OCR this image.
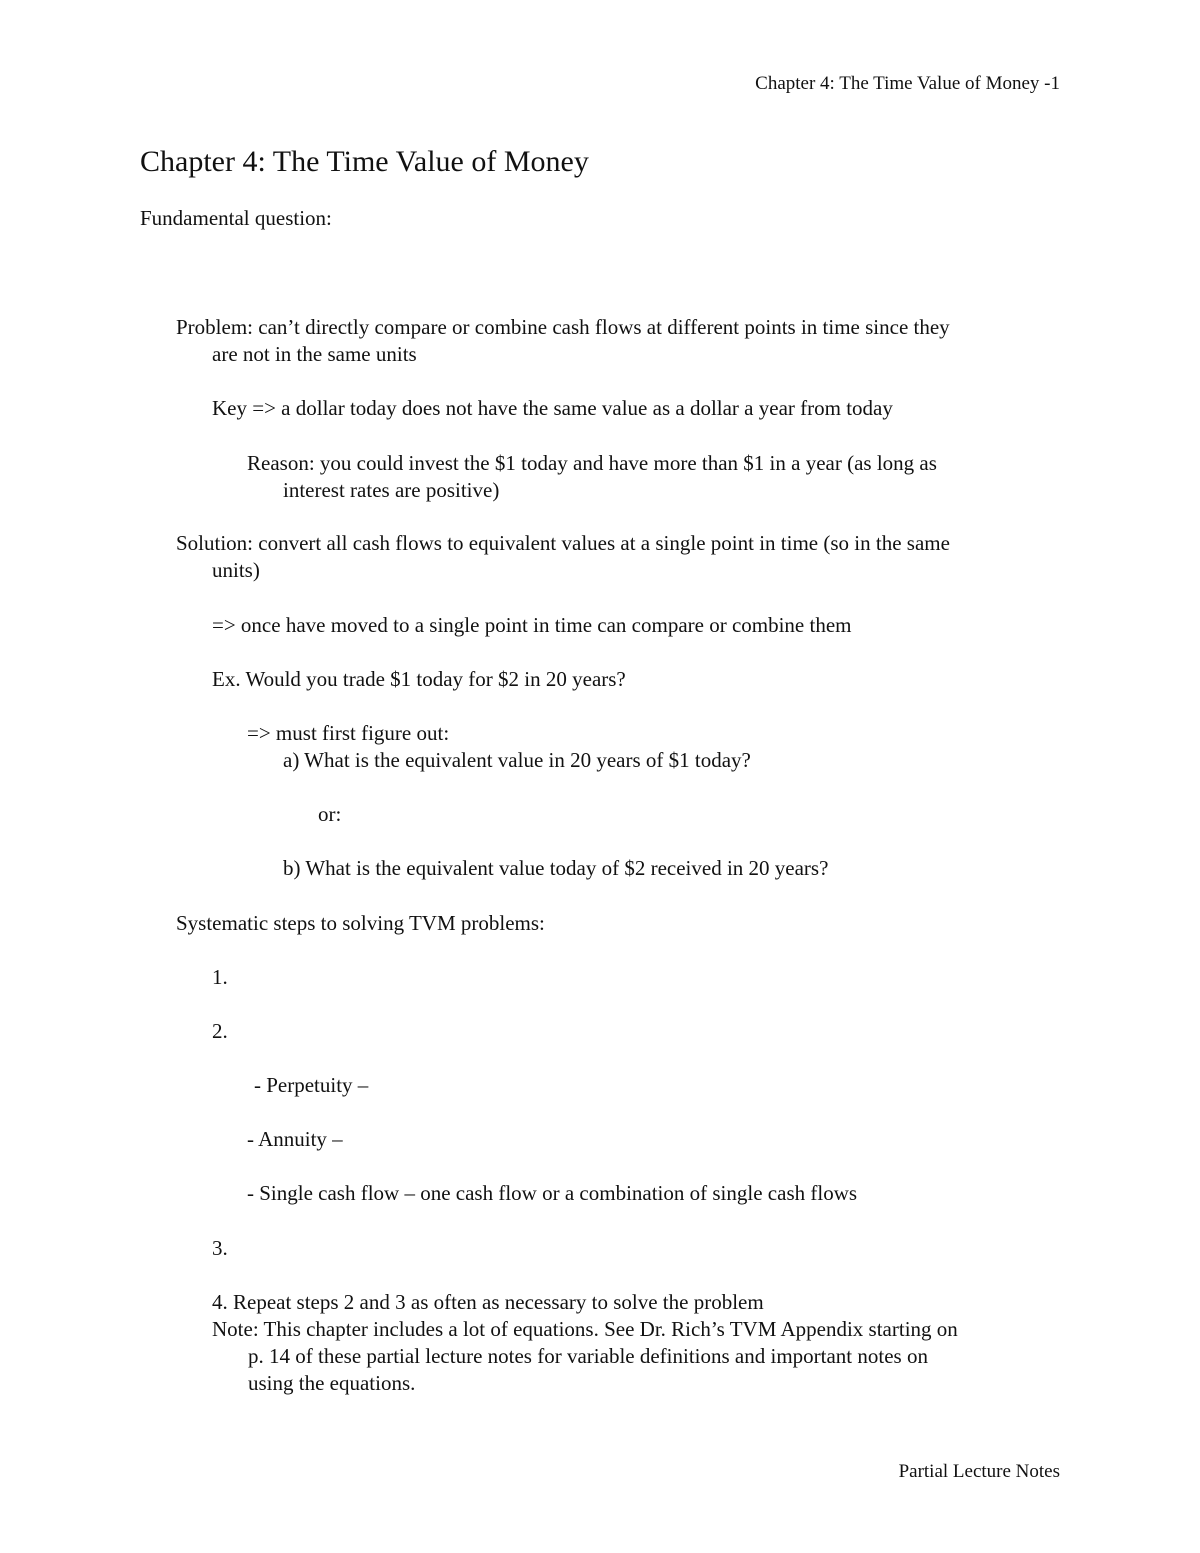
Chapter 4: The Time Value of Money -1
Chapter 4: The Time Value of Money
Fundamental question:
Problem: can’t directly compare or combine cash flows at different points in time since they
are not in the same units
Key => a dollar today does not have the same value as a dollar a year from today
Reason: you could invest the $1 today and have more than $1 in a year (as long as
interest rates are positive)
Solution: convert all cash flows to equivalent values at a single point in time (so in the same
units)
=> once have moved to a single point in time can compare or combine them
Ex. Would you trade $1 today for $2 in 20 years?
=> must first figure out:
a) What is the equivalent value in 20 years of $1 today?
or:
b) What is the equivalent value today of $2 received in 20 years?
Systematic steps to solving TVM problems:
1.
2.
- Perpetuity –
- Annuity –
- Single cash flow – one cash flow or a combination of single cash flows
3.
4. Repeat steps 2 and 3 as often as necessary to solve the problem
Note: This chapter includes a lot of equations. See Dr. Rich’s TVM Appendix starting on
p. 14 of these partial lecture notes for variable definitions and important notes on
using the equations.
Partial Lecture Notes
